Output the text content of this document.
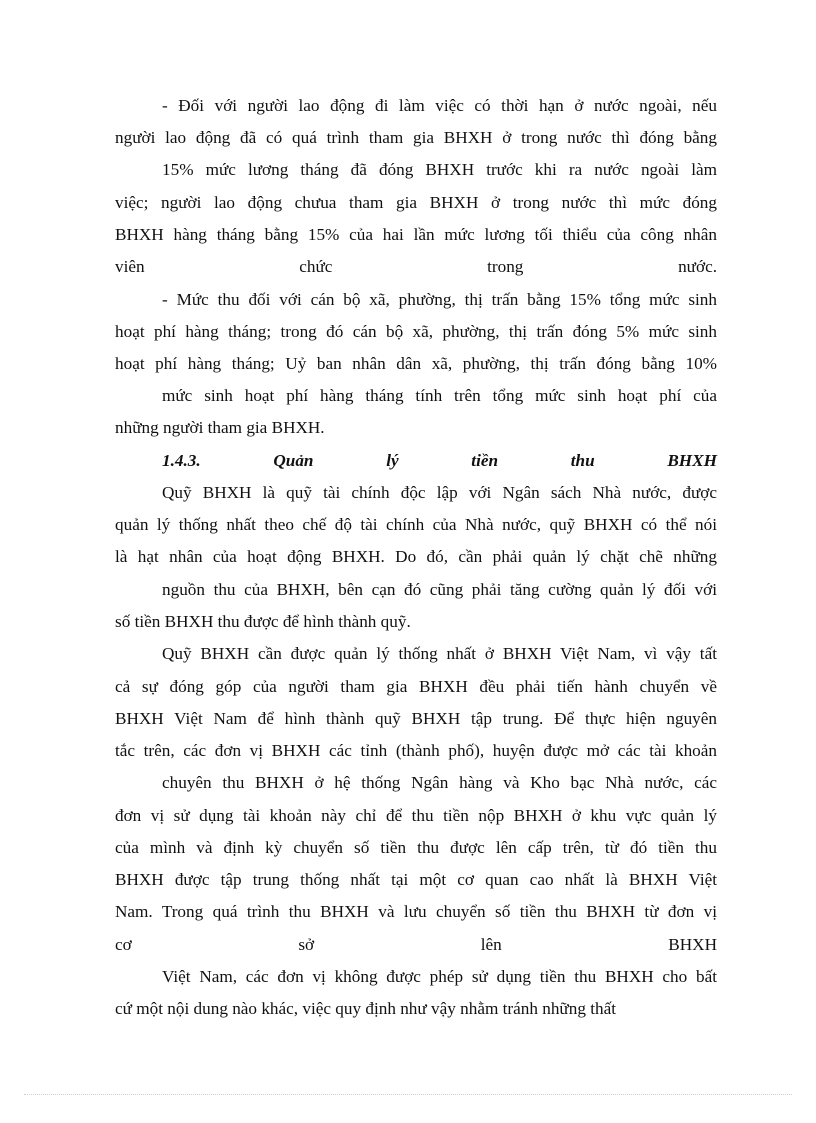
- Đối với người lao động đi làm việc có thời hạn ở nước ngoài, nếu
người lao động đã có quá trình tham gia BHXH ở trong nước thì đóng bằng
15% mức lương tháng đã đóng BHXH trước khi ra nước ngoài làm
việc; người lao động chưua tham gia BHXH ở trong nước thì mức đóng
BHXH hàng tháng bằng 15% của hai lần mức lương tối thiểu của công nhân
viên chức trong nước.
- Mức thu đối với cán bộ xã, phường, thị trấn bằng 15% tổng mức sinh
hoạt phí hàng tháng; trong đó cán bộ xã, phường, thị trấn đóng 5% mức sinh
hoạt phí hàng tháng; Uỷ ban nhân dân xã, phường, thị trấn đóng bằng 10%
mức sinh hoạt phí hàng tháng tính trên tổng mức sinh hoạt phí của
những người tham gia BHXH.
1.4.3. Quản lý tiền thu BHXH
Quỹ BHXH là quỹ tài chính độc lập với Ngân sách Nhà nước, được
quản lý thống nhất theo chế độ tài chính của Nhà nước, quỹ BHXH có thể nói
là hạt nhân của hoạt động BHXH. Do đó, cần phải quản lý chặt chẽ những
nguồn thu của BHXH, bên cạn đó cũng phải tăng cường quản lý đối với
số tiền BHXH thu được để hình thành quỹ.
Quỹ BHXH cần được quản lý thống nhất ở BHXH Việt Nam, vì vậy tất
cả sự đóng góp của người tham gia BHXH đều phải tiến hành chuyển về
BHXH Việt Nam để hình thành quỹ BHXH tập trung. Để thực hiện nguyên
tắc trên, các đơn vị BHXH các tỉnh (thành phố), huyện được mở các tài khoản
chuyên thu BHXH ở hệ thống Ngân hàng và Kho bạc Nhà nước, các
đơn vị sử dụng tài khoản này chỉ để thu tiền nộp BHXH ở khu vực quản lý
của mình và định kỳ chuyển số tiền thu được lên cấp trên, từ đó tiền thu
BHXH được tập trung thống nhất tại một cơ quan cao nhất là BHXH Việt
Nam. Trong quá trình thu BHXH và lưu chuyển số tiền thu BHXH từ đơn vị
cơ sở lên BHXH
Việt Nam, các đơn vị không được phép sử dụng tiền thu BHXH cho bất
cứ một nội dung nào khác, việc quy định như vậy nhằm tránh những thất
